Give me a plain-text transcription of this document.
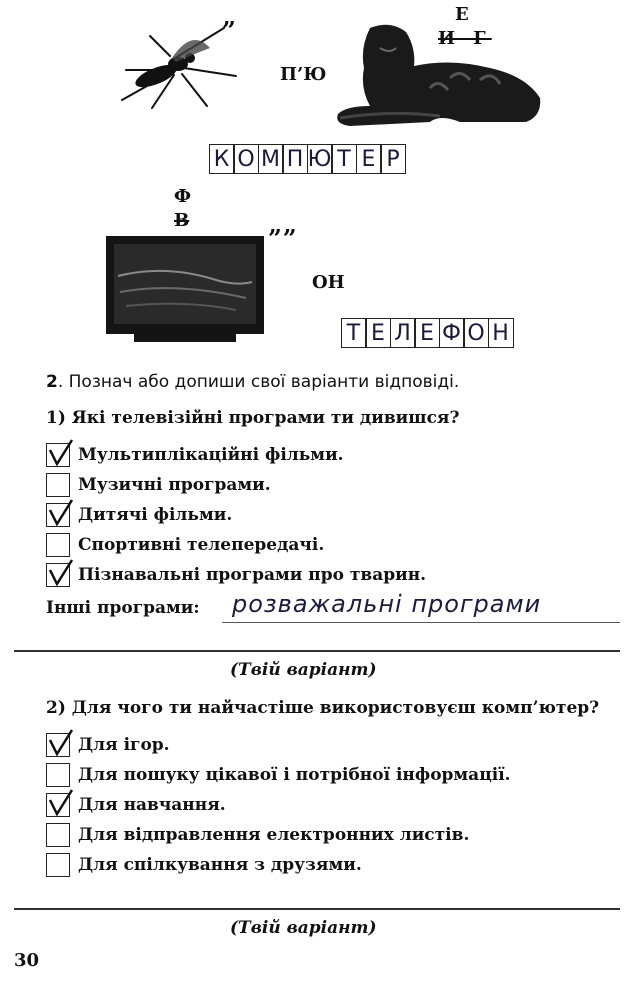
”
П’Ю
Е
И Г
К О М П Ю Т Е Р
Ф
В
””
ОН
Т Е Л Е Ф О Н
2. Познач або допиши свої варіанти відповіді.
1) Які телевізійні програми ти дивишся?
Мультиплікаційні фільми.
Музичні програми.
Дитячі фільми.
Спортивні телепередачі.
Пізнавальні програми про тварин.
Інші програми: розважальні програми
(Твій варіант)
2) Для чого ти найчастіше використовуєш комп’ютер?
Для ігор.
Для пошуку цікавої і потрібної інформації.
Для навчання.
Для відправлення електронних листів.
Для спілкування з друзями.
(Твій варіант)
30
